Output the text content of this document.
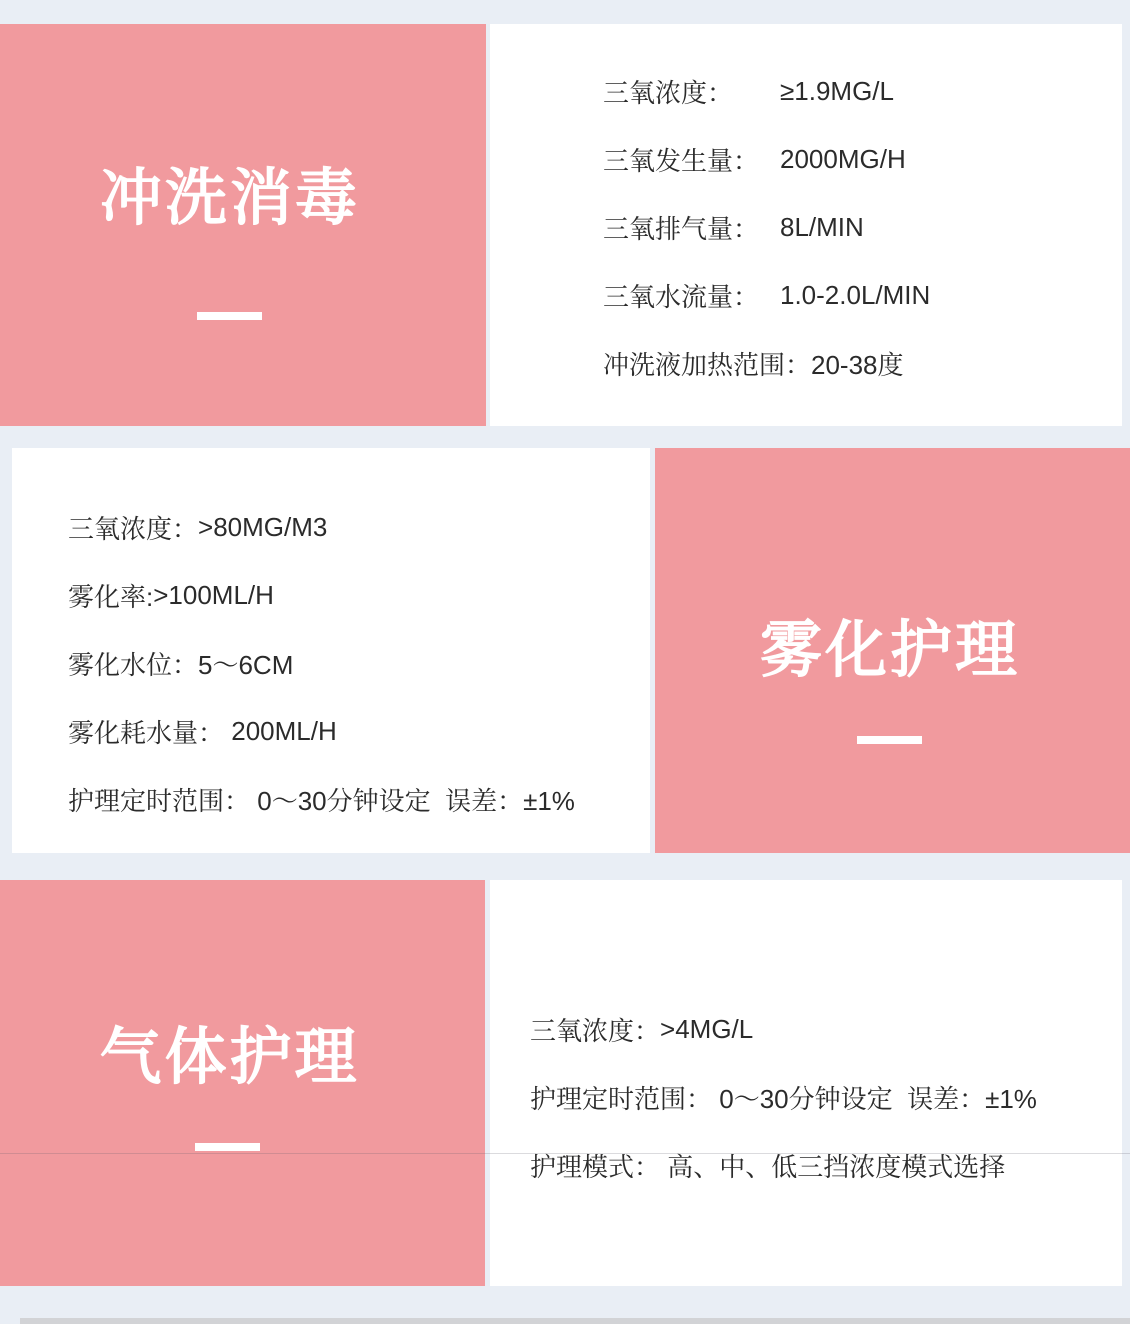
冲洗消毒
三氧浓度：	≥1.9MG/L
三氧发生量： 2000MG/H
三氧排气量： 8L/MIN
三氧水流量： 1.0-2.0L/MIN
冲洗液加热范围： 20-38度
三氧浓度： >80MG/M3
雾化率: >100ML/H
雾化水位： 5～6CM
雾化耗水量： 200ML/H
护理定时范围： 0～30分钟设定  误差：±1%
雾化护理
气体护理	三氧浓度： >4MG/L
护理定时范围： 0～30分钟设定  误差：±1%
护理模式： 高、中、低三挡浓度模式选择
